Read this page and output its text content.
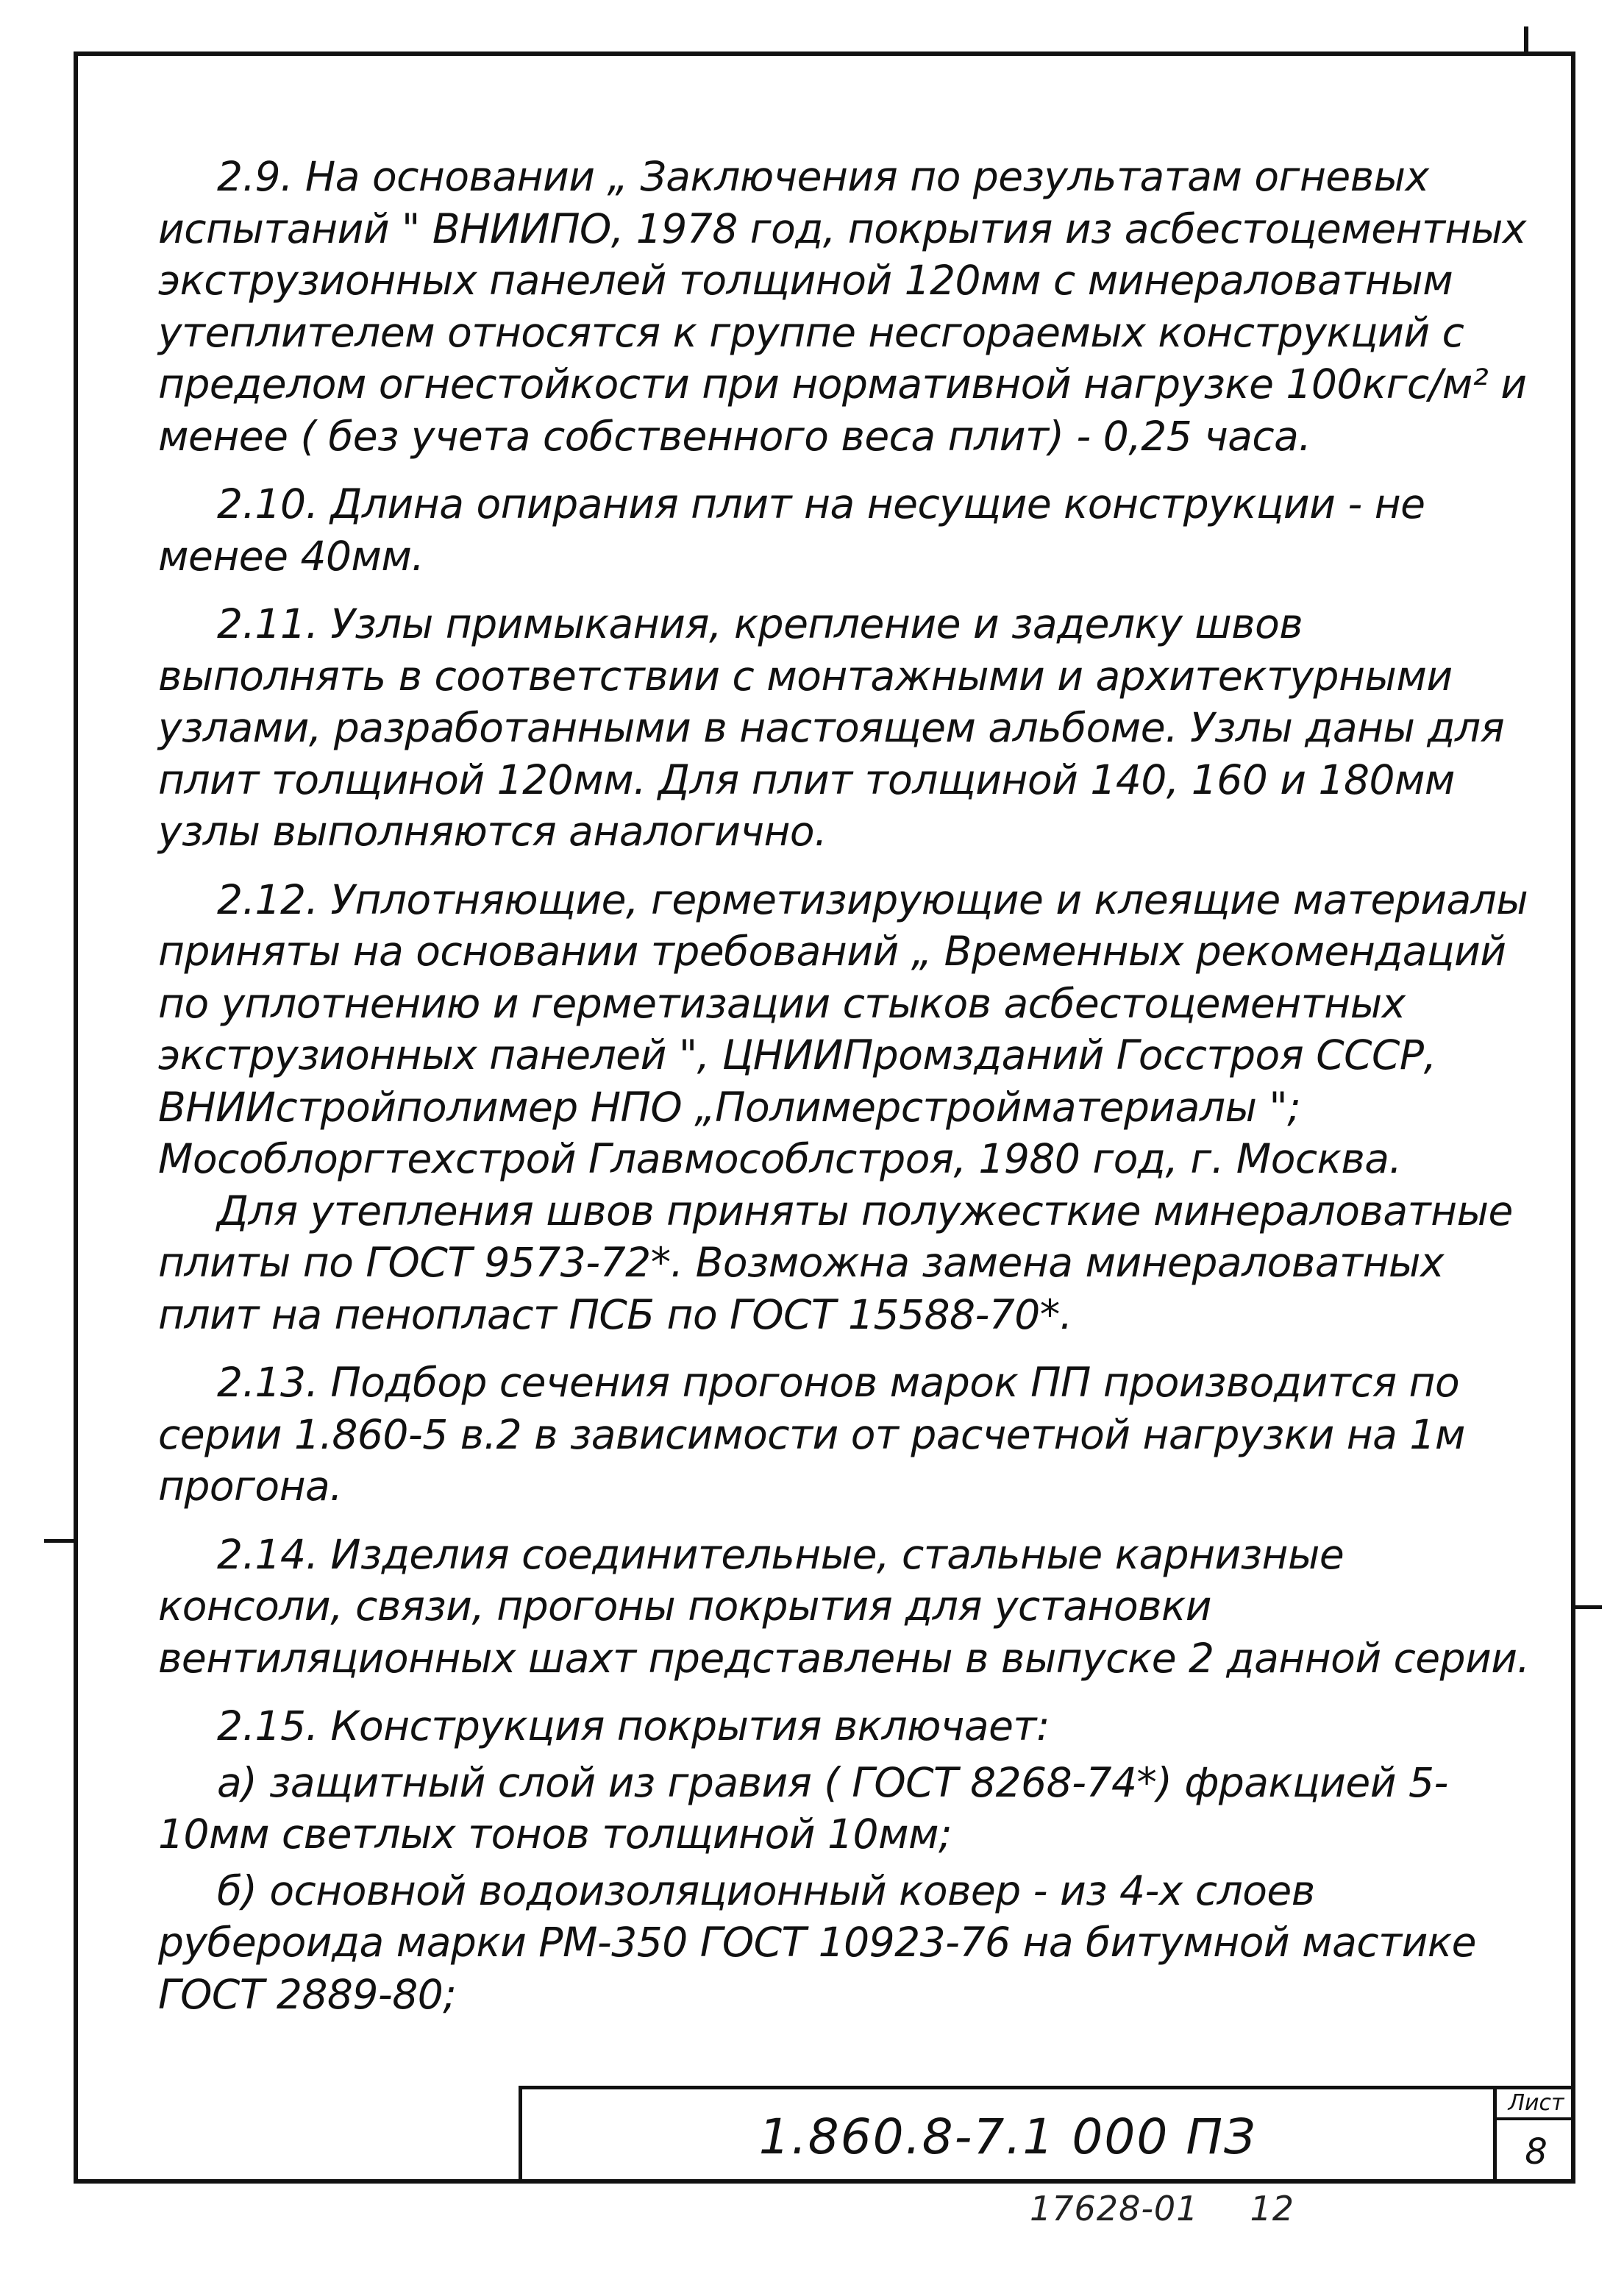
2.9. На основании „ Заключения по результатам огневых испытаний " ВНИИПО, 1978 год, покрытия из асбестоцементных экструзионных панелей толщиной 120мм с минераловатным утеплителем относятся к группе несгораемых конструкций с пределом огнестойкости при нормативной нагрузке 100кгс/м² и менее ( без учета собственного веса плит) - 0,25 часа.

2.10. Длина опирания плит на несущие конструкции - не менее 40мм.

2.11. Узлы примыкания, крепление и заделку швов выполнять в соответствии с монтажными и архитектурными узлами, разработанными в настоящем альбоме. Узлы даны для плит толщиной 120мм. Для плит толщиной 140, 160 и 180мм узлы выполняются аналогично.

2.12. Уплотняющие, герметизирующие и клеящие материалы приняты на основании требований „ Временных рекомендаций по уплотнению и герметизации стыков асбестоцементных экструзионных панелей ", ЦНИИПромзданий Госстроя СССР, ВНИИстройполимер НПО „Полимерстройматериалы "; Мособлоргтехстрой Главмособлстроя, 1980 год, г. Москва.

Для утепления швов приняты полужесткие минераловатные плиты по ГОСТ 9573-72*. Возможна замена минераловатных плит на пенопласт ПСБ по ГОСТ 15588-70*.

2.13. Подбор сечения прогонов марок ПП производится по серии 1.860-5 в.2 в зависимости от расчетной нагрузки на 1м прогона.

2.14. Изделия соединительные, стальные карнизные консоли, связи, прогоны покрытия для установки вентиляционных шахт представлены в выпуске 2 данной серии.

2.15. Конструкция покрытия включает:

а) защитный слой из гравия ( ГОСТ 8268-74*) фракцией 5-10мм светлых тонов толщиной 10мм;

б) основной водоизоляционный ковер - из 4-х слоев рубероида марки РМ-350 ГОСТ 10923-76 на битумной мастике ГОСТ 2889-80;

1.860.8-7.1 000 ПЗ
Лист
8
17628-01 12
